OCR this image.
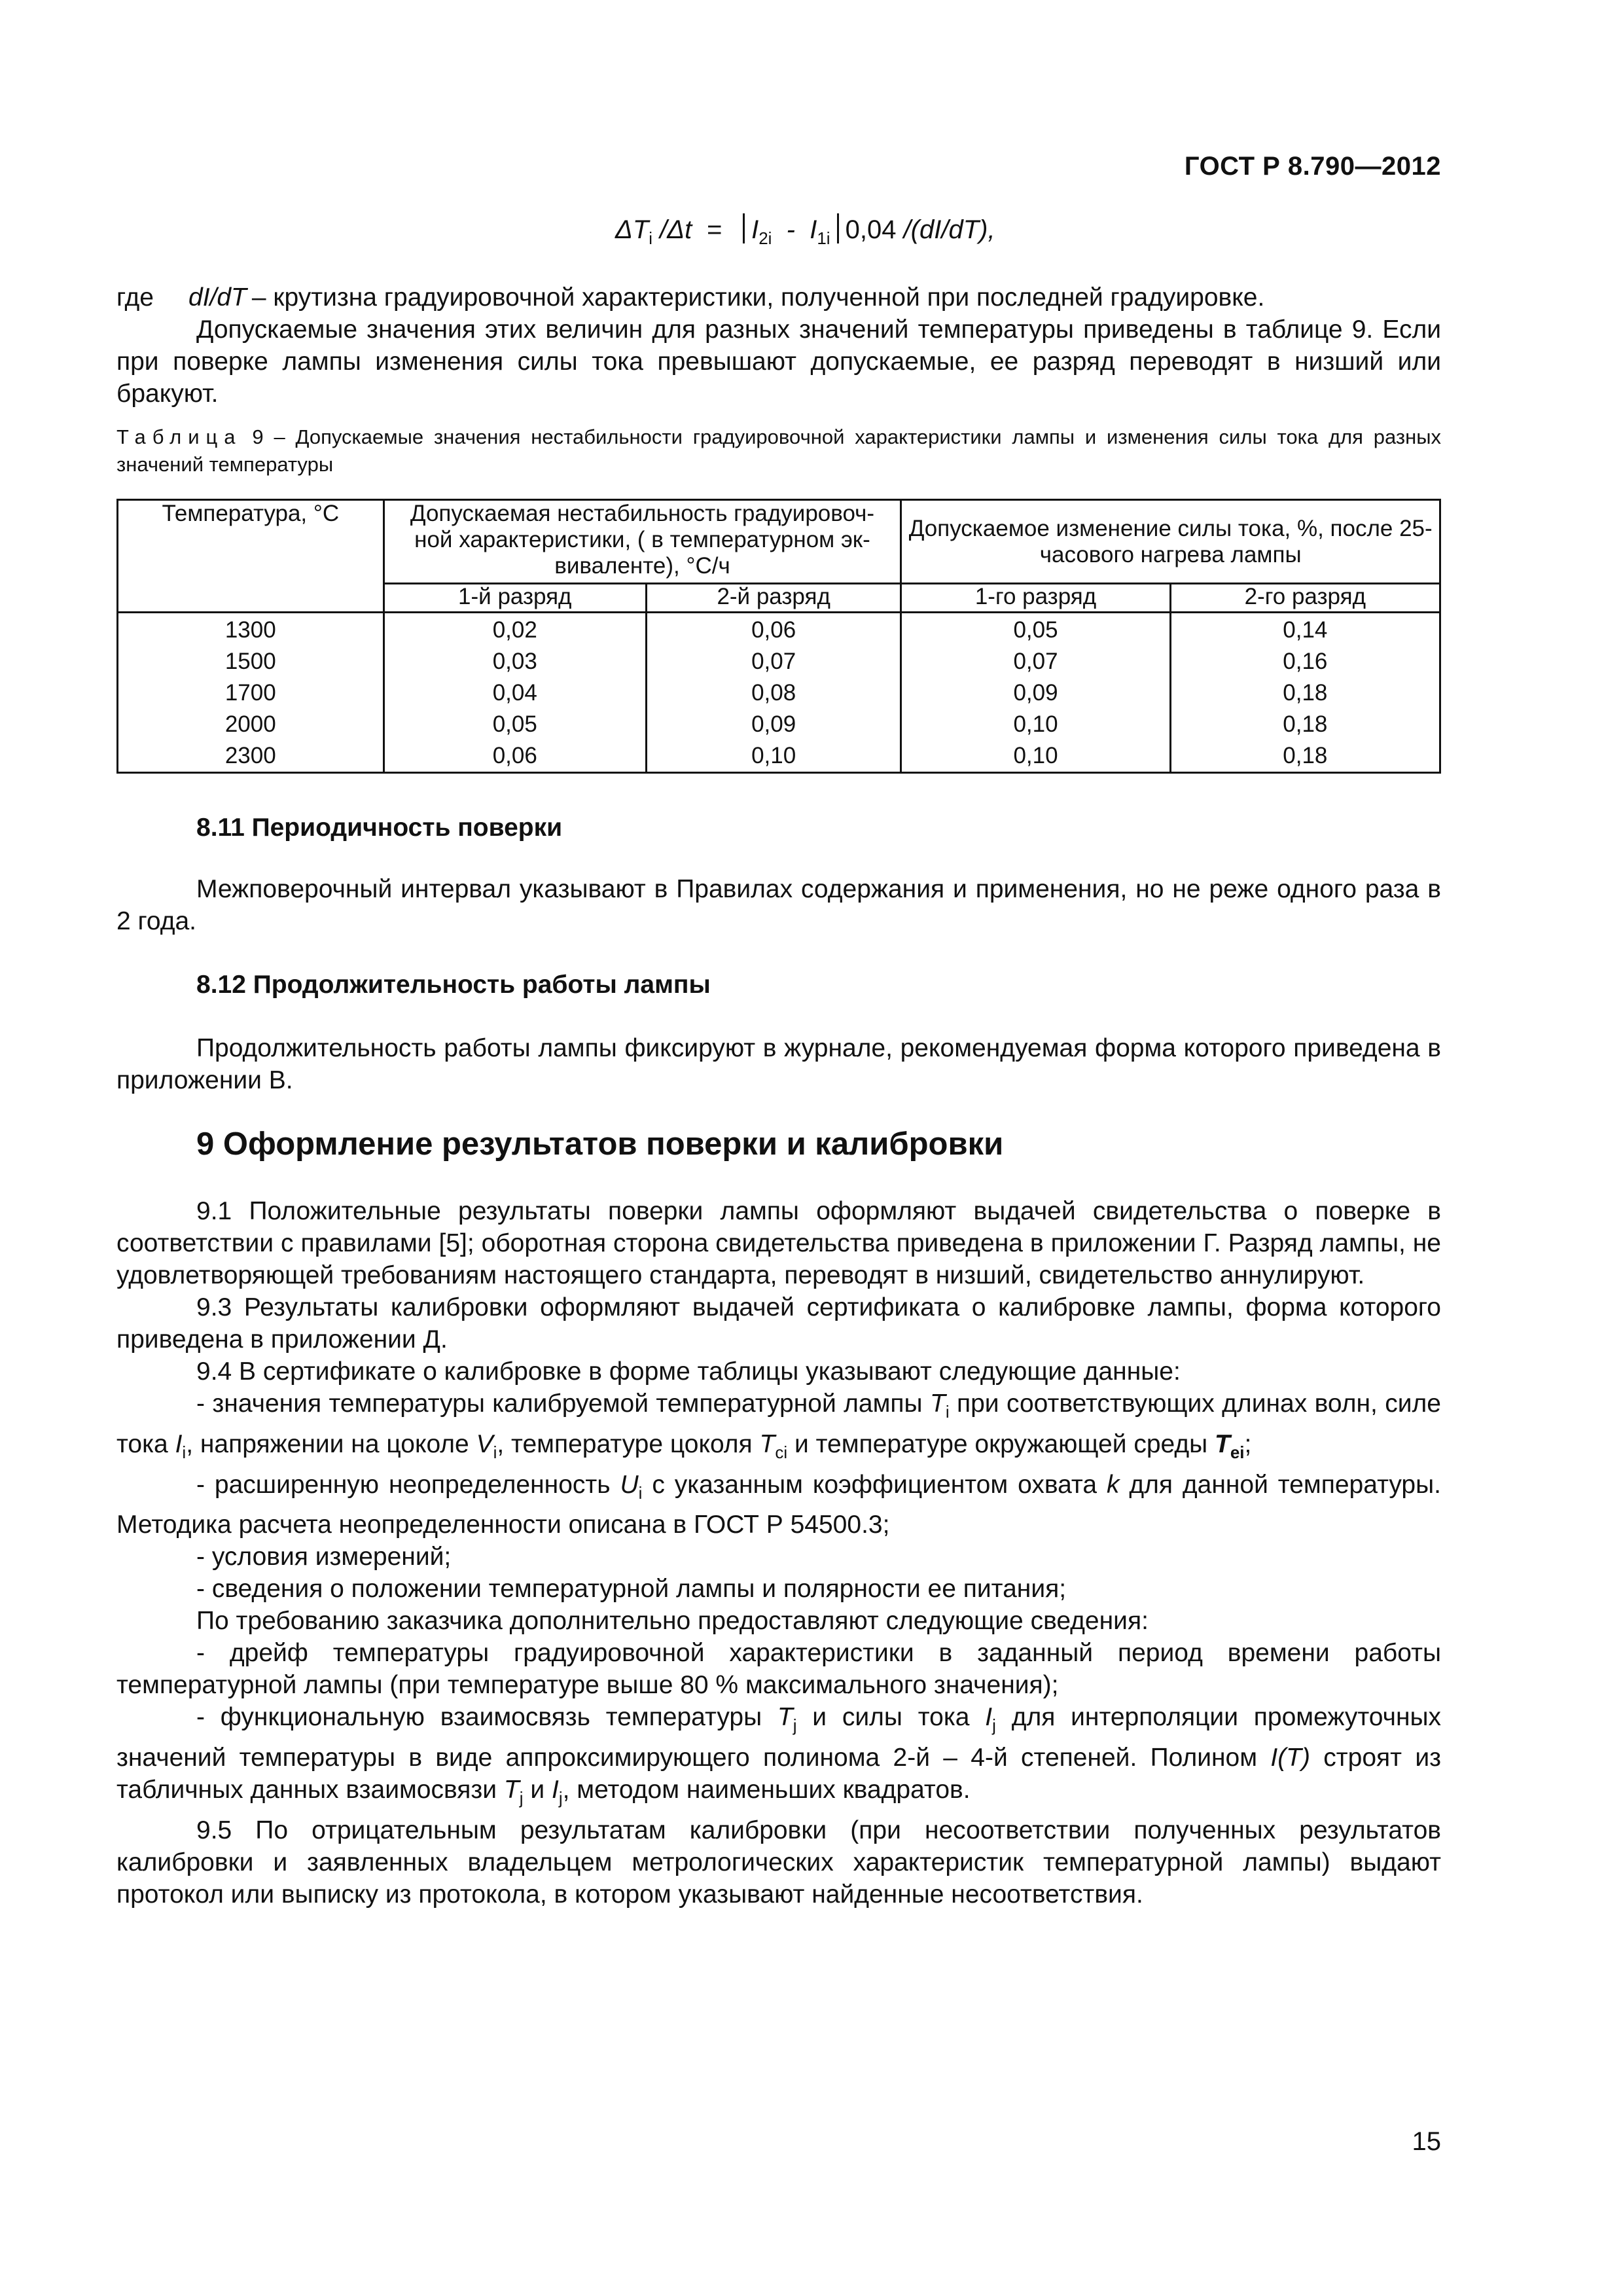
ГОСТ Р 8.790—2012
$\Delta T_i$ $/\Delta t = I_{2i} - I_{1i}$ 0,04 /(dI/dT),

где dI/dT – крутизна градуировочной характеристики, полученной при последней градуировке.

Допускаемые значения этих величин для разных значений температуры приведены в таблице 9. Если при поверке лампы изменения силы тока превышают допускаемые, ее разряд переводят в низший или бракуют.

Таблица 9 – Допускаемые значения нестабильности градуировочной характеристики лампы и изменения силы тока для разных значений температуры

Температура, °С	Допускаемая нестабильность градуировоч-ной характеристики, ( в температурном эк-виваленте), °С/ч		Допускаемое изменение силы тока, %, после 25-часового нагрева лампы	
	1-й разряд	2-й разряд	1-го разряд	2-го разряд
1300	0,02	0,06	0,05	0,14
1500	0,03	0,07	0,07	0,16
1700	0,04	0,08	0,09	0,18
2000	0,05	0,09	0,10	0,18
2300	0,06	0,10	0,10	0,18
8.11 Периодичность поверки

Межповерочный интервал указывают в Правилах содержания и применения, но не реже одного раза в 2 года.

8.12 Продолжительность работы лампы

Продолжительность работы лампы фиксируют в журнале, рекомендуемая форма которого приведена в приложении В.

9 Оформление результатов поверки и калибровки

9.1 Положительные результаты поверки лампы оформляют выдачей свидетельства о поверке в соответствии с правилами [5]; оборотная сторона свидетельства приведена в приложении Г. Разряд лампы, не удовлетворяющей требованиям настоящего стандарта, переводят в низший, свидетельство аннулируют.

9.3 Результаты калибровки оформляют выдачей сертификата о калибровке лампы, форма которого приведена в приложении Д.

9.4 В сертификате о калибровке в форме таблицы указывают следующие данные:

- значения температуры калибруемой температурной лампы $T_i$ при соответствующих длинах волн, силе тока $I_i$, напряжении на цоколе $V_i$, температуре цоколя $T_{ci}$ и температуре окружающей среды $T_{ei}$;

- расширенную неопределенность $U_i$ с указанным коэффициентом охвата k для данной температуры. Методика расчета неопределенности описана в ГОСТ Р 54500.3;

- условия измерений;

- сведения о положении температурной лампы и полярности ее питания;

По требованию заказчика дополнительно предоставляют следующие сведения:

- дрейф температуры градуировочной характеристики в заданный период времени работы температурной лампы (при температуре выше 80 % максимального значения);

- функциональную взаимосвязь температуры $T_j$ и силы тока $I_j$ для интерполяции промежуточных значений температуры в виде аппроксимирующего полинома 2-й – 4-й степеней. Полином I(T) строят из табличных данных взаимосвязи $T_j$ и $I_j$, методом наименьших квадратов.

9.5 По отрицательным результатам калибровки (при несоответствии полученных результатов калибровки и заявленных владельцем метрологических характеристик температурной лампы) выдают протокол или выписку из протокола, в котором указывают найденные несоответствия.

15
